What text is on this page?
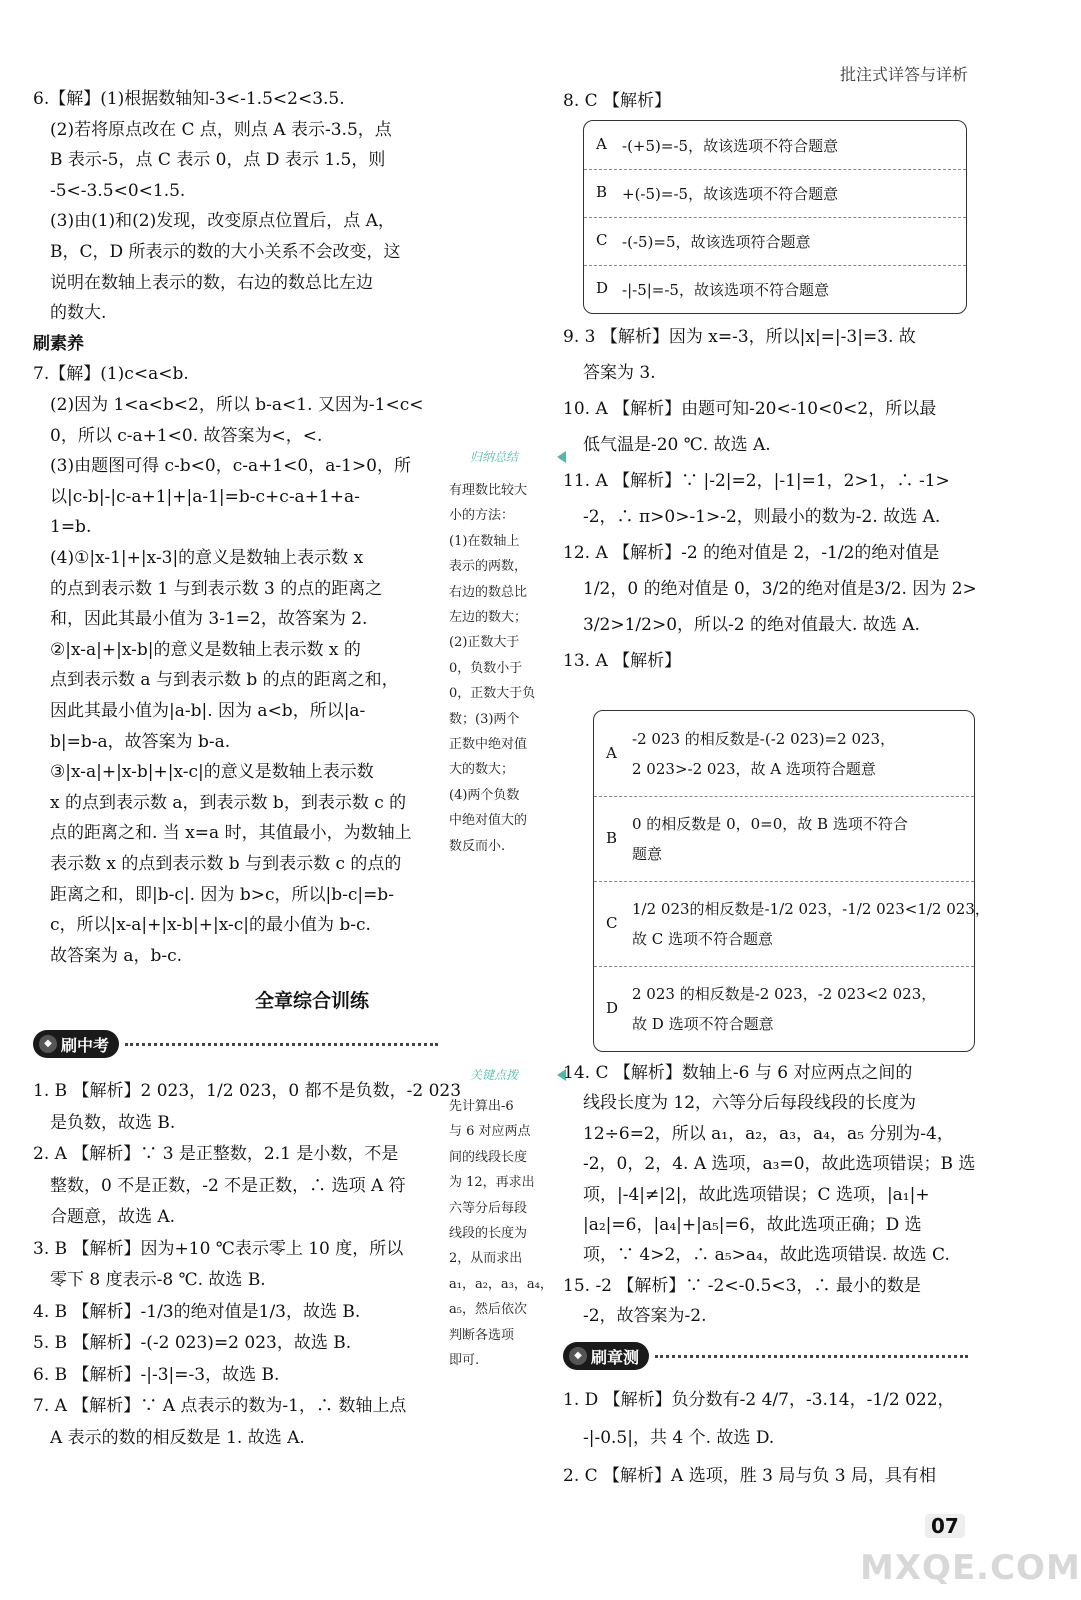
批注式详答与详析
6.【解】(1)根据数轴知-3<-1.5<2<3.5.
(2)若将原点改在 C 点，则点 A 表示-3.5，点
B 表示-5，点 C 表示 0，点 D 表示 1.5，则
-5<-3.5<0<1.5.
(3)由(1)和(2)发现，改变原点位置后，点 A，
B，C，D 所表示的数的大小关系不会改变，这
说明在数轴上表示的数，右边的数总比左边
的数大.
刷素养
7.【解】(1)c<a<b.
(2)因为 1<a<b<2，所以 b-a<1. 又因为-1<c<
0，所以 c-a+1<0. 故答案为<，<.
(3)由题图可得 c-b<0，c-a+1<0，a-1>0，所
以|c-b|-|c-a+1|+|a-1|=b-c+c-a+1+a-
1=b.
(4)①|x-1|+|x-3|的意义是数轴上表示数 x
的点到表示数 1 与到表示数 3 的点的距离之
和，因此其最小值为 3-1=2，故答案为 2.
②|x-a|+|x-b|的意义是数轴上表示数 x 的
点到表示数 a 与到表示数 b 的点的距离之和，
因此其最小值为|a-b|. 因为 a<b，所以|a-
b|=b-a，故答案为 b-a.
③|x-a|+|x-b|+|x-c|的意义是数轴上表示数
x 的点到表示数 a，到表示数 b，到表示数 c 的
点的距离之和. 当 x=a 时，其值最小，为数轴上
表示数 x 的点到表示数 b 与到表示数 c 的点的
距离之和，即|b-c|. 因为 b>c，所以|b-c|=b-
c，所以|x-a|+|x-b|+|x-c|的最小值为 b-c.
故答案为 a，b-c.
全章综合训练
◆ 刷中考
1. B 【解析】2 023，1/2 023，0 都不是负数，-2 023
是负数，故选 B.
2. A 【解析】∵ 3 是正整数，2.1 是小数，不是
整数，0 不是正数，-2 不是正数，∴ 选项 A 符
合题意，故选 A.
3. B 【解析】因为+10 ℃表示零上 10 度，所以
零下 8 度表示-8 ℃. 故选 B.
4. B 【解析】-1/3的绝对值是1/3，故选 B.
5. B 【解析】-(-2 023)=2 023，故选 B.
6. B 【解析】-|-3|=-3，故选 B.
7. A 【解析】∵ A 点表示的数为-1，∴ 数轴上点
A 表示的数的相反数是 1. 故选 A.
归纳总结
有理数比较大
小的方法：
(1)在数轴上
表示的两数，
右边的数总比
左边的数大；
(2)正数大于
0，负数小于
0，正数大于负
数；(3)两个
正数中绝对值
大的数大；
(4)两个负数
中绝对值大的
数反而小.
关键点拨
先计算出-6
与 6 对应两点
间的线段长度
为 12，再求出
六等分后每段
线段的长度为
2，从而求出
a₁，a₂，a₃，a₄，
a₅，然后依次
判断各选项
即可.
8. C 【解析】
A -(+5)=-5，故该选项不符合题意
B +(-5)=-5，故该选项不符合题意
C -(-5)=5，故该选项符合题意
D -|-5|=-5，故该选项不符合题意
9. 3 【解析】因为 x=-3，所以|x|=|-3|=3. 故
答案为 3.
10. A 【解析】由题可知-20<-10<0<2，所以最
低气温是-20 ℃. 故选 A.
11. A 【解析】∵ |-2|=2，|-1|=1，2>1，∴ -1>
-2，∴ π>0>-1>-2，则最小的数为-2. 故选 A.
12. A 【解析】-2 的绝对值是 2，-1/2的绝对值是
1/2，0 的绝对值是 0，3/2的绝对值是3/2. 因为 2>
3/2>1/2>0，所以-2 的绝对值最大. 故选 A.
13. A 【解析】
A
-2 023 的相反数是-(-2 023)=2 023，
2 023>-2 023，故 A 选项符合题意
B
0 的相反数是 0，0=0，故 B 选项不符合
题意
C
1/2 023的相反数是-1/2 023，-1/2 023<1/2 023，
故 C 选项不符合题意
D
2 023 的相反数是-2 023，-2 023<2 023，
故 D 选项不符合题意
14. C 【解析】数轴上-6 与 6 对应两点之间的
线段长度为 12，六等分后每段线段的长度为
12÷6=2，所以 a₁，a₂，a₃，a₄，a₅ 分别为-4，
-2，0，2，4. A 选项，a₃=0，故此选项错误；B 选
项，|-4|≠|2|，故此选项错误；C 选项，|a₁|+
|a₂|=6，|a₄|+|a₅|=6，故此选项正确；D 选
项，∵ 4>2，∴ a₅>a₄，故此选项错误. 故选 C.
15. -2 【解析】∵ -2<-0.5<3，∴ 最小的数是
-2，故答案为-2.
◆ 刷章测
1. D 【解析】负分数有-2 4/7，-3.14，-1/2 022，
-|-0.5|，共 4 个. 故选 D.
2. C 【解析】A 选项，胜 3 局与负 3 局，具有相
07
MXQE.COM
